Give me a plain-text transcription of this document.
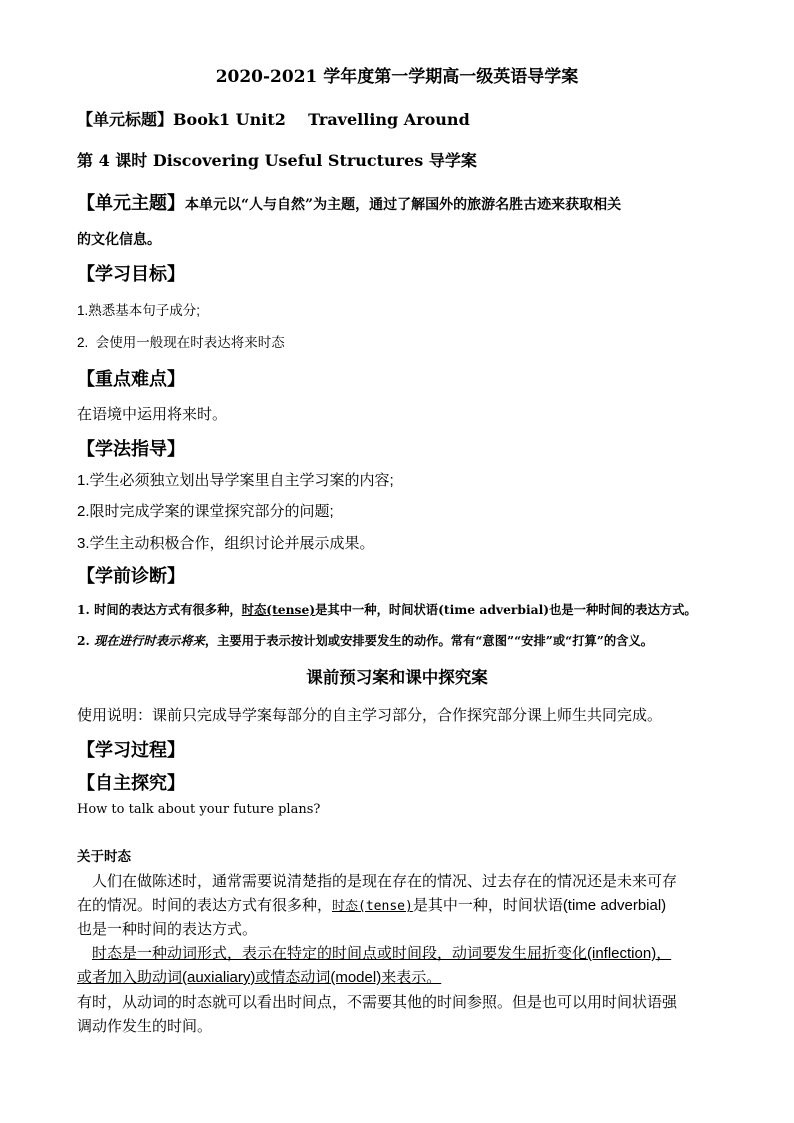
2020-2021 学年度第一学期高一级英语导学案
【单元标题】Book1 Unit2    Travelling Around
第 4 课时 Discovering Useful Structures 导学案
【单元主题】本单元以“人与自然”为主题，通过了解国外的旅游名胜古迹来获取相关
的文化信息。
【学习目标】
1.熟悉基本句子成分;
2.  会使用一般现在时表达将来时态
【重点难点】
在语境中运用将来时。
【学法指导】
1.学生必须独立划出导学案里自主学习案的内容;
2.限时完成学案的课堂探究部分的问题;
3.学生主动积极合作，组织讨论并展示成果。
【学前诊断】
1. 时间的表达方式有很多种，时态(tense)是其中一种，时间状语(time adverbial)也是一种时间的表达方式。
2. 现在进行时表示将来，主要用于表示按计划或安排要发生的动作。常有“意图”“安排”或“打算”的含义。
课前预习案和课中探究案
使用说明：课前只完成导学案每部分的自主学习部分，合作探究部分课上师生共同完成。
【学习过程】
【自主探究】
How to talk about your future plans?
关于时态
人们在做陈述时，通常需要说清楚指的是现在存在的情况、过去存在的情况还是未来可存
在的情况。时间的表达方式有很多种，时态(tense)是其中一种，时间状语(time adverbial)
也是一种时间的表达方式。
时态是一种动词形式，表示在特定的时间点或时间段，动词要发生屈折变化(inflection)，
或者加入助动词(auxialiary)或情态动词(model)来表示。
有时，从动词的时态就可以看出时间点，不需要其他的时间参照。但是也可以用时间状语强
调动作发生的时间。
